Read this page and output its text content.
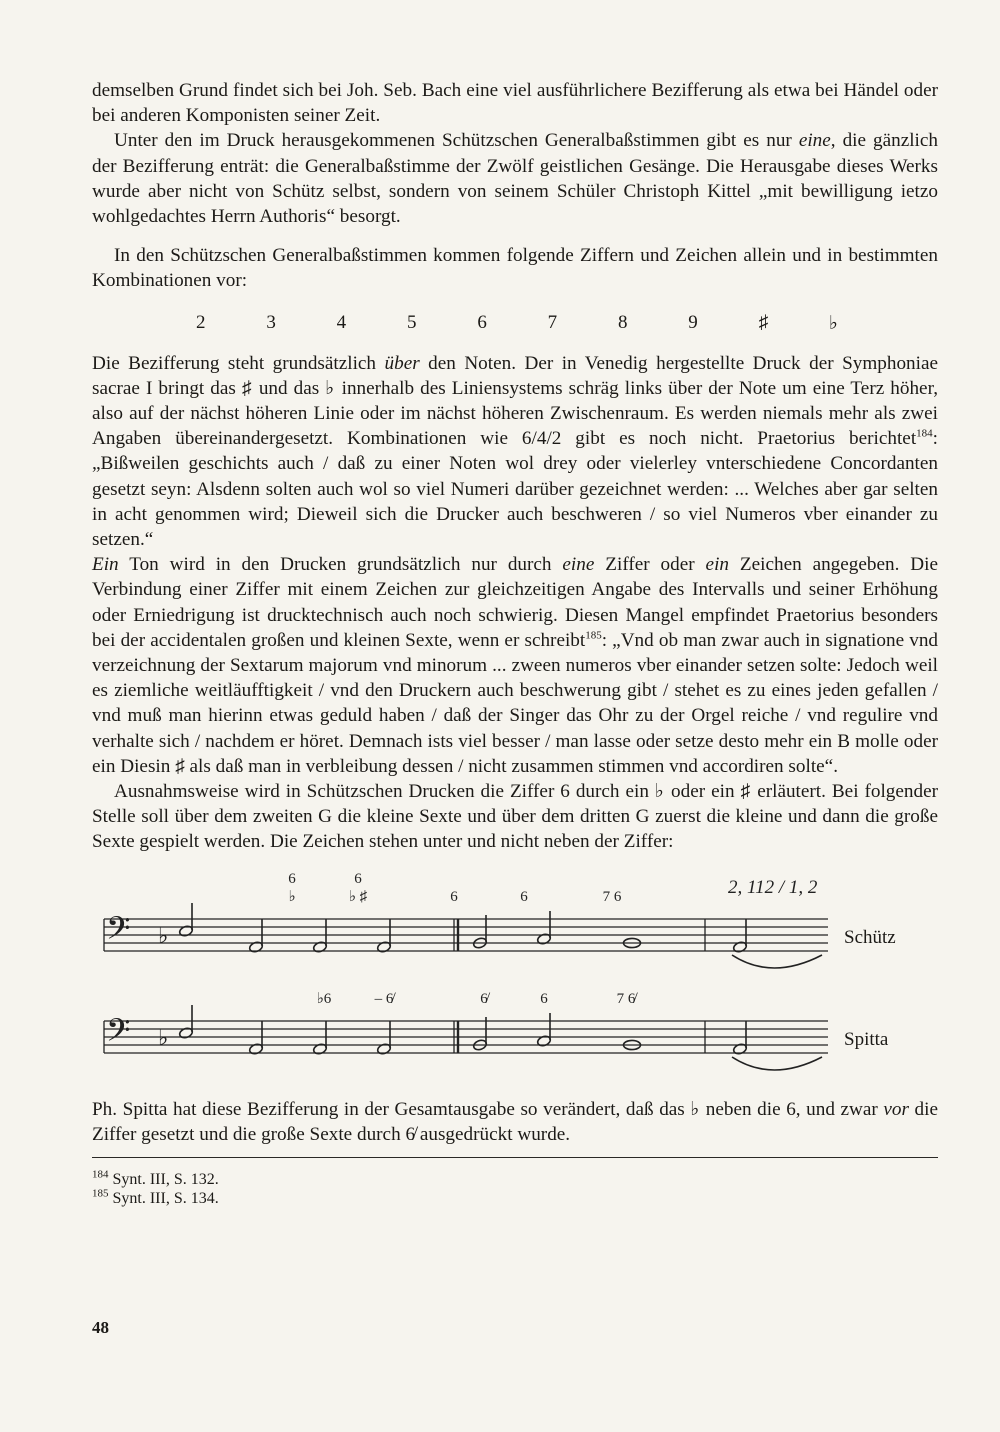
demselben Grund findet sich bei Joh. Seb. Bach eine viel ausführlichere Bezifferung als etwa bei Händel oder bei anderen Komponisten seiner Zeit.

Unter den im Druck herausgekommenen Schützschen Generalbaßstimmen gibt es nur eine, die gänzlich der Bezifferung enträt: die Generalbaßstimme der Zwölf geistlichen Gesänge. Die Herausgabe dieses Werks wurde aber nicht von Schütz selbst, sondern von seinem Schüler Christoph Kittel „mit bewilligung ietzo wohlgedachtes Herrn Authoris“ besorgt.

In den Schützschen Generalbaßstimmen kommen folgende Ziffern und Zeichen allein und in bestimmten Kombinationen vor:

2	3	4	5	6	7	8	9	♯	♭

Die Bezifferung steht grundsätzlich über den Noten. Der in Venedig hergestellte Druck der Symphoniae sacrae I bringt das ♯ und das ♭ innerhalb des Liniensystems schräg links über der Note um eine Terz höher, also auf der nächst höheren Linie oder im nächst höheren Zwischenraum. Es werden niemals mehr als zwei Angaben übereinandergesetzt. Kombinationen wie 6/4/2 gibt es noch nicht. Praetorius berichtet$^{184}$: „Bißweilen geschichts auch / daß zu einer Noten wol drey oder vielerley vnterschiedene Concordanten gesetzt seyn: Alsdenn solten auch wol so viel Numeri darüber gezeichnet werden: ... Welches aber gar selten in acht genommen wird; Dieweil sich die Drucker auch beschweren / so viel Numeros vber einander zu setzen.“

Ein Ton wird in den Drucken grundsätzlich nur durch eine Ziffer oder ein Zeichen angegeben. Die Verbindung einer Ziffer mit einem Zeichen zur gleichzeitigen Angabe des Intervalls und seiner Erhöhung oder Erniedrigung ist drucktechnisch auch noch schwierig. Diesen Mangel empfindet Praetorius besonders bei der accidentalen großen und kleinen Sexte, wenn er schreibt$^{185}$: „Vnd ob man zwar auch in signatione vnd verzeichnung der Sextarum majorum vnd minorum ... zween numeros vber einander setzen solte: Jedoch weil es ziemliche weitläufftigkeit / vnd den Druckern auch beschwerung gibt / stehet es zu eines jeden gefallen / vnd muß man hierinn etwas geduld haben / daß der Singer das Ohr zu der Orgel reiche / vnd regulire vnd verhalte sich / nachdem er höret. Demnach ists viel besser / man lasse oder setze desto mehr ein B molle oder ein Diesin ♯ als daß man in verbleibung dessen / nicht zusammen stimmen vnd accordiren solte“.

Ausnahmsweise wird in Schützschen Drucken die Ziffer 6 durch ein ♭ oder ein ♯ erläutert. Bei folgender Stelle soll über dem zweiten G die kleine Sexte und über dem dritten G zuerst die kleine und dann die große Sexte gespielt werden. Die Zeichen stehen unter und nicht neben der Ziffer:

𝄢 ♭
6
♭
6
♭ ♯	6	6	7 6	2, 112 / 1, 2
𝄢 ♭
♭6	– 6̸	6̸	6	7 6̸
Schütz
Spitta

Ph. Spitta hat diese Bezifferung in der Gesamtausgabe so verändert, daß das ♭ neben die 6, und zwar vor die Ziffer gesetzt und die große Sexte durch 6̸ ausgedrückt wurde.

$^{184}$ Synt. III, S. 132.
$^{185}$ Synt. III, S. 134.
48
